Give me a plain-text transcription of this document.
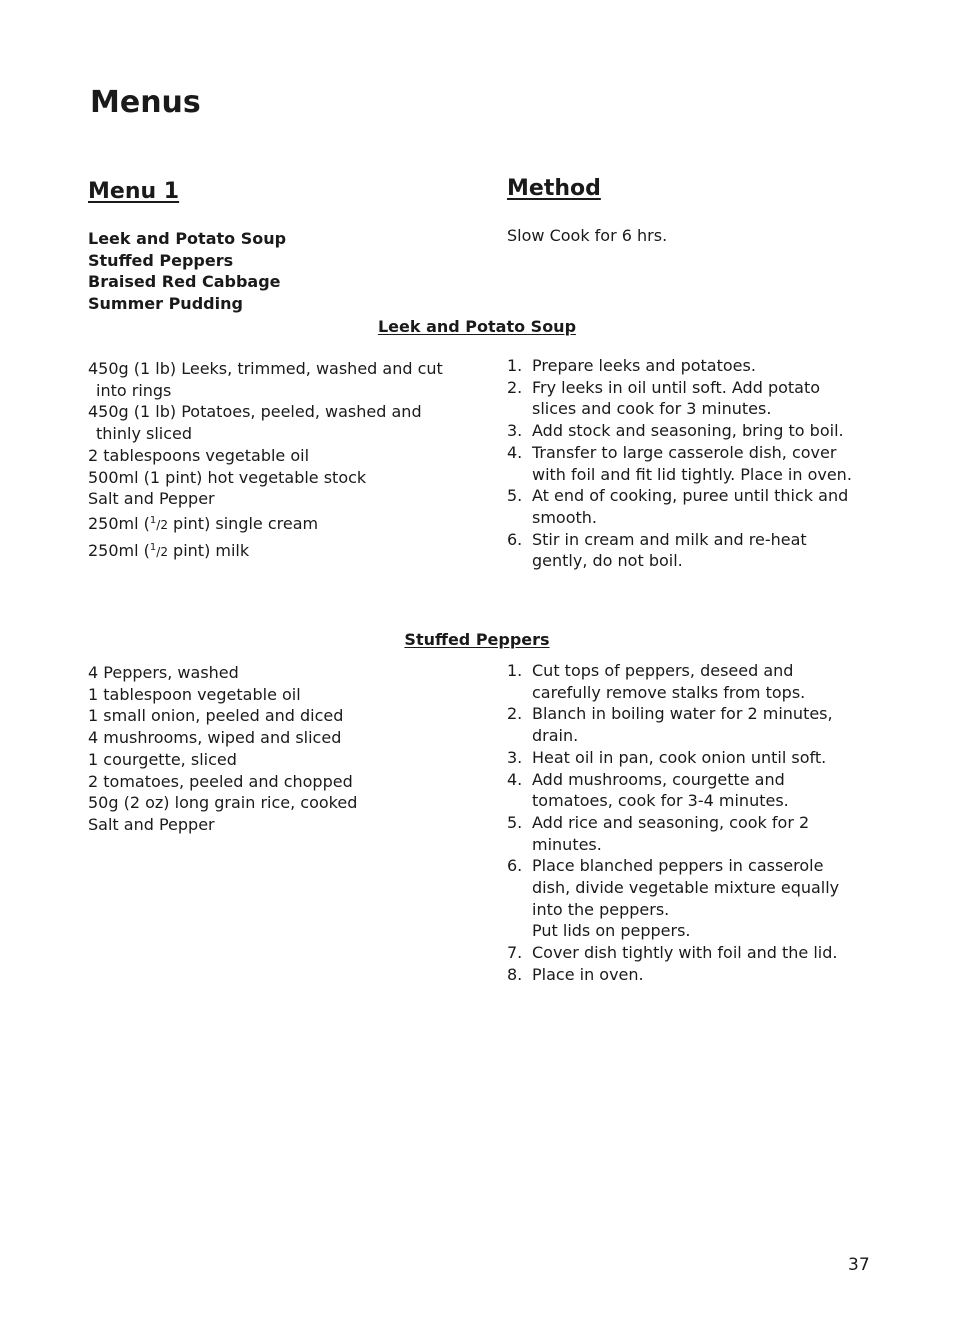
Menus
Menu 1
Leek and Potato Soup
Stuffed Peppers
Braised Red Cabbage
Summer Pudding
Method
Slow Cook for 6 hrs.
Leek and Potato Soup
450g (1 lb) Leeks, trimmed, washed and cut into rings
450g (1 lb) Potatoes, peeled, washed and thinly sliced
2 tablespoons vegetable oil
500ml (1 pint) hot vegetable stock
Salt and Pepper
250ml ($^1$/2 pint) single cream
250ml ($^1$/2 pint) milk
1. Prepare leeks and potatoes.
2. Fry leeks in oil until soft. Add potato slices and cook for 3 minutes.
3. Add stock and seasoning, bring to boil.
4. Transfer to large casserole dish, cover with foil and fit lid tightly. Place in oven.
5. At end of cooking, puree until thick and smooth.
6. Stir in cream and milk and re-heat gently, do not boil.
Stuffed Peppers
4 Peppers, washed
1 tablespoon vegetable oil
1 small onion, peeled and diced
4 mushrooms, wiped and sliced
1 courgette, sliced
2 tomatoes, peeled and chopped
50g (2 oz) long grain rice, cooked
Salt and Pepper
1. Cut tops of peppers, deseed and carefully remove stalks from tops.
2. Blanch in boiling water for 2 minutes, drain.
3. Heat oil in pan, cook onion until soft.
4. Add mushrooms, courgette and tomatoes, cook for 3-4 minutes.
5. Add rice and seasoning, cook for 2 minutes.
6. Place blanched peppers in casserole dish, divide vegetable mixture equally into the peppers.
Put lids on peppers.
7. Cover dish tightly with foil and the lid.
8. Place in oven.
37
